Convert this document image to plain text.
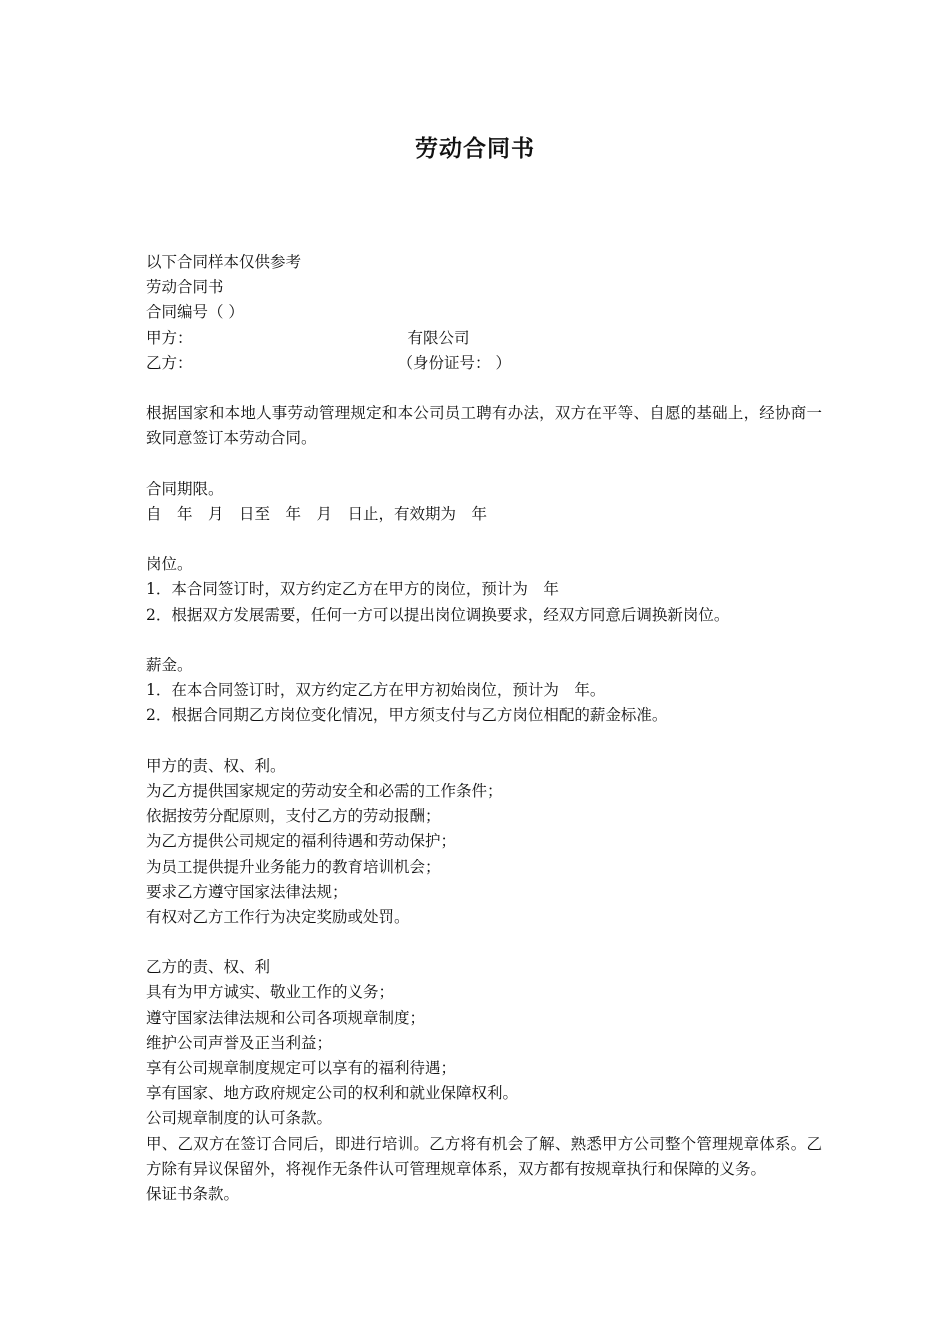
劳动合同书
以下合同样本仅供参考
劳动合同书
合同编号（ ）
甲方：	有限公司
乙方：	（身份证号： ）
根据国家和本地人事劳动管理规定和本公司员工聘有办法，双方在平等、自愿的基础上，经协商一致同意签订本劳动合同。
合同期限。
自　年　月　日至　年　月　日止，有效期为　年
岗位。
1．本合同签订时，双方约定乙方在甲方的岗位，预计为　年
2．根据双方发展需要，任何一方可以提出岗位调换要求，经双方同意后调换新岗位。
薪金。
1．在本合同签订时，双方约定乙方在甲方初始岗位，预计为　年。
2．根据合同期乙方岗位变化情况，甲方须支付与乙方岗位相配的薪金标准。
甲方的责、权、利。
为乙方提供国家规定的劳动安全和必需的工作条件；
依据按劳分配原则，支付乙方的劳动报酬；
为乙方提供公司规定的福利待遇和劳动保护；
为员工提供提升业务能力的教育培训机会；
要求乙方遵守国家法律法规；
有权对乙方工作行为决定奖励或处罚。
乙方的责、权、利
具有为甲方诚实、敬业工作的义务；
遵守国家法律法规和公司各项规章制度；
维护公司声誉及正当利益；
享有公司规章制度规定可以享有的福利待遇；
享有国家、地方政府规定公司的权利和就业保障权利。
公司规章制度的认可条款。
甲、乙双方在签订合同后，即进行培训。乙方将有机会了解、熟悉甲方公司整个管理规章体系。乙方除有异议保留外，将视作无条件认可管理规章体系，双方都有按规章执行和保障的义务。
保证书条款。
